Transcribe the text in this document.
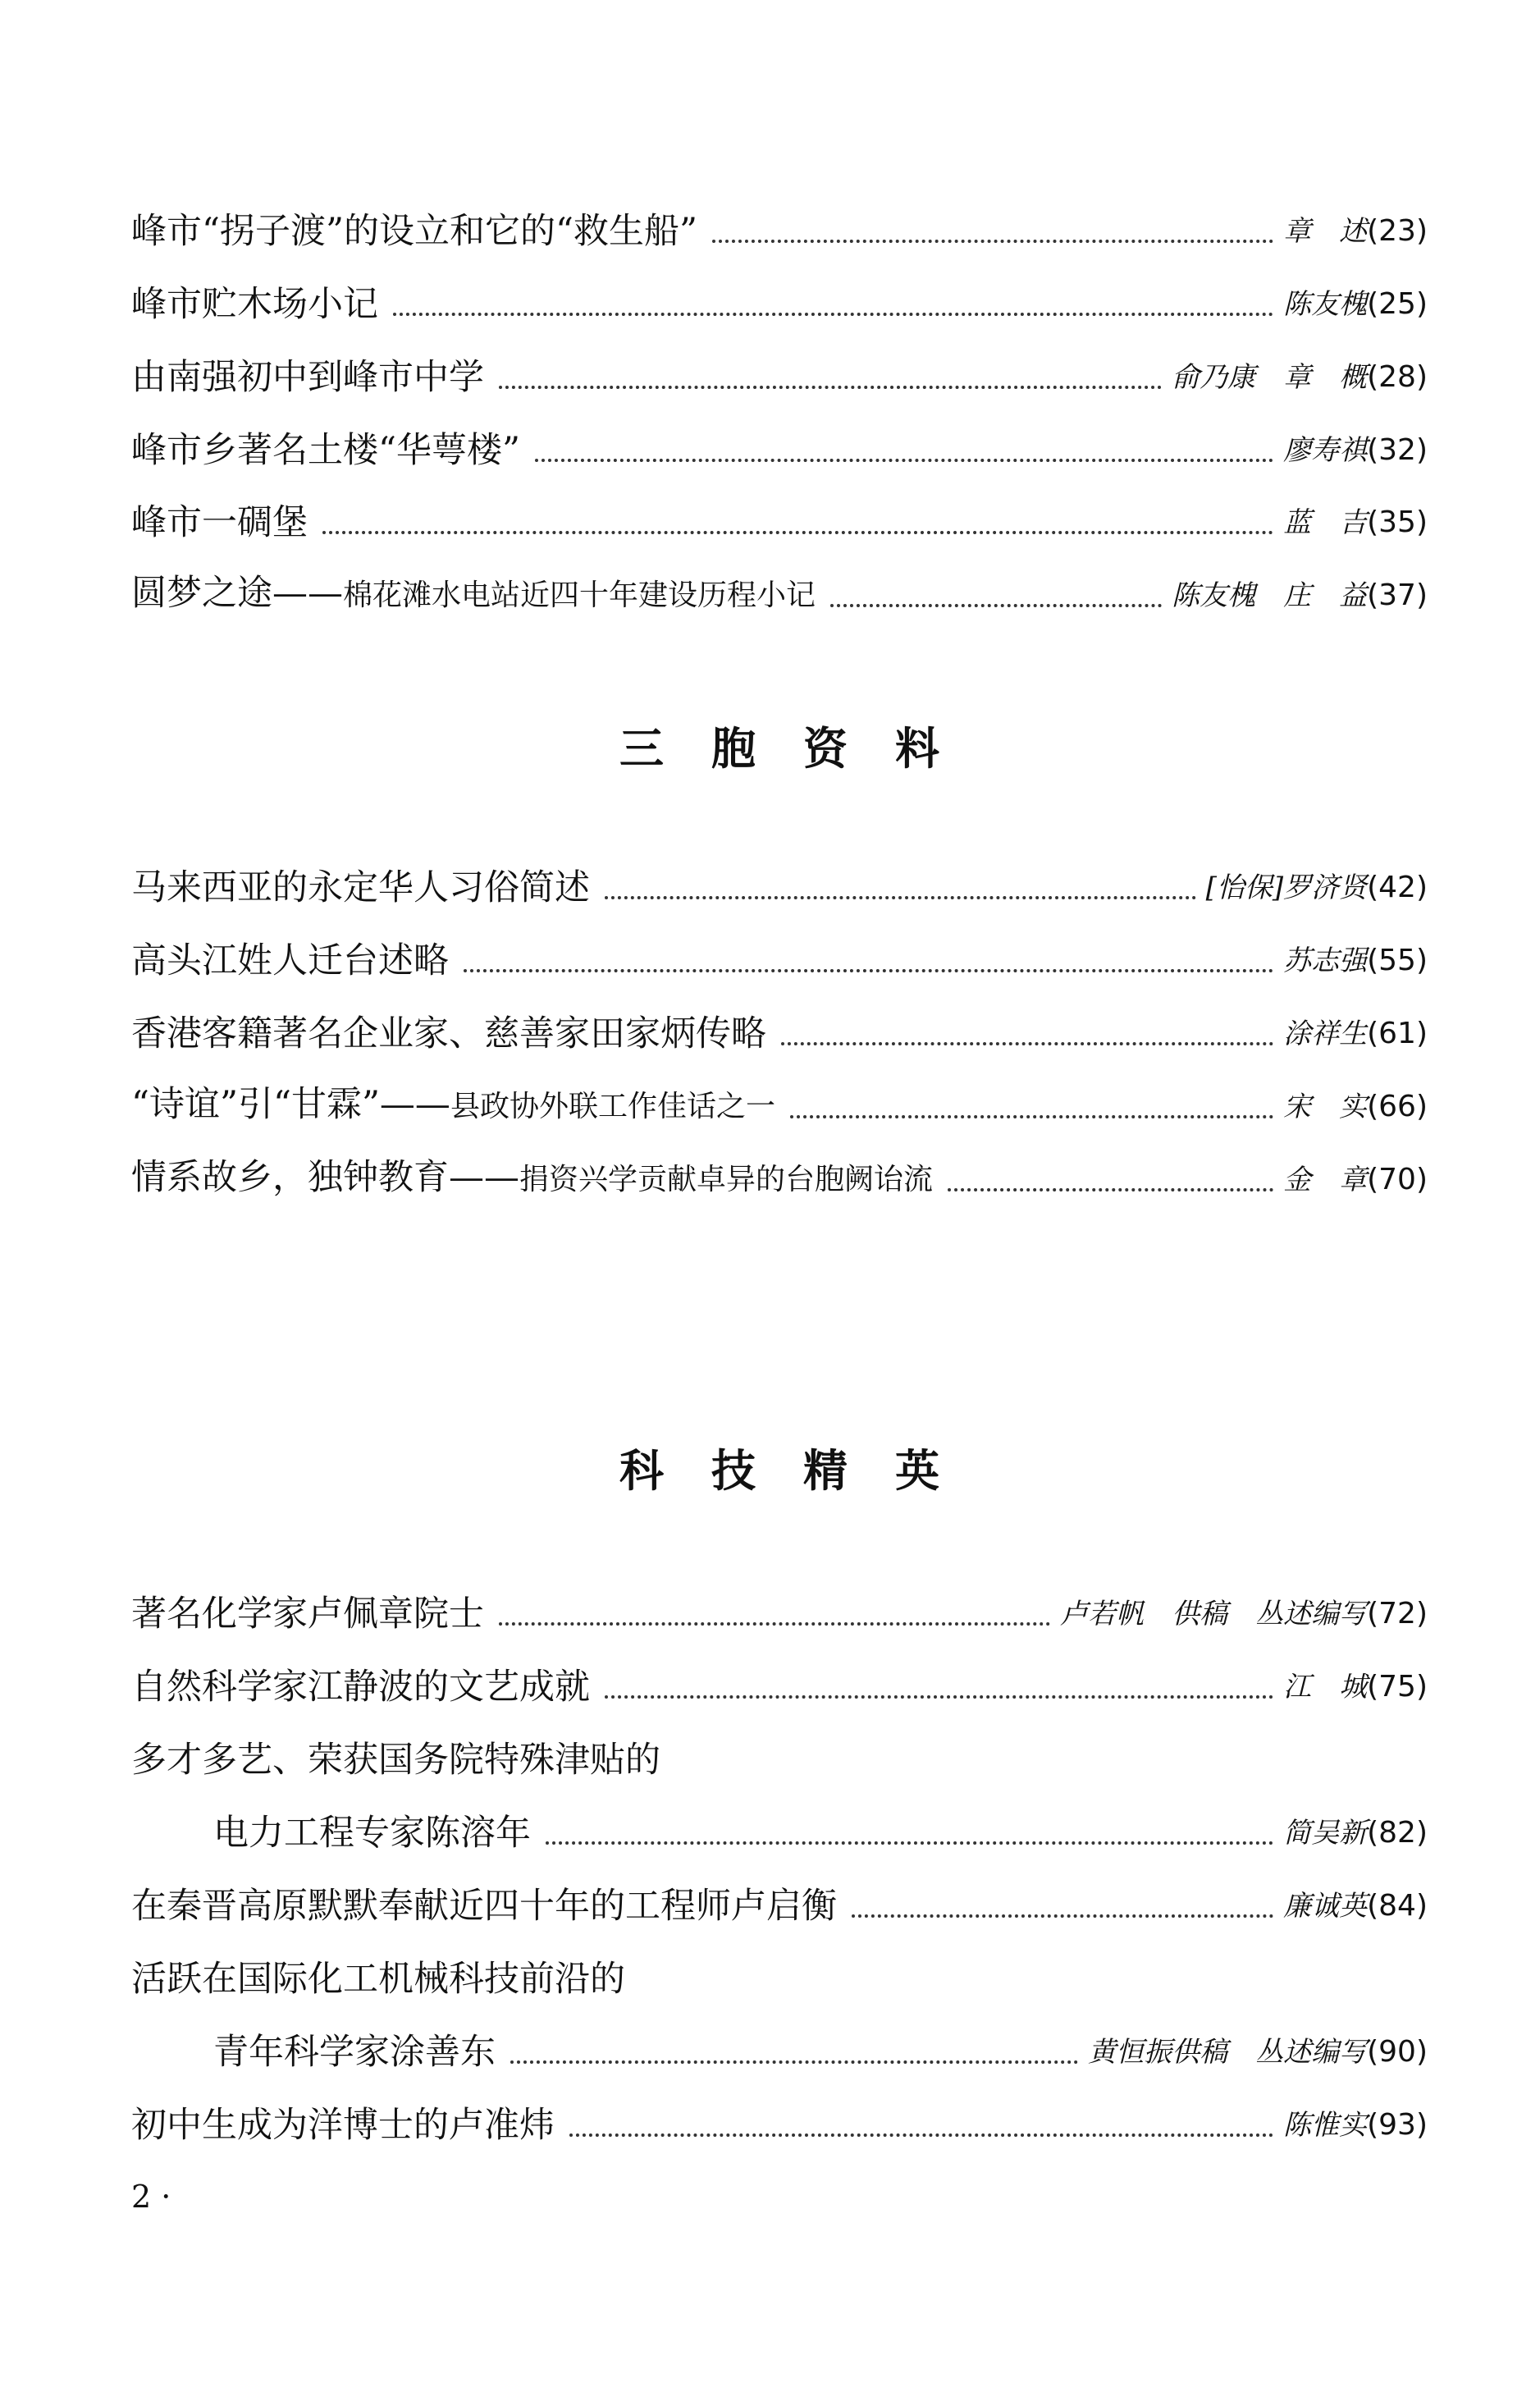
峰市“拐子渡”的设立和它的“救生船”	章　述 (23)
峰市贮木场小记	陈友槐 (25)
由南强初中到峰市中学	俞乃康　章　概 (28)
峰市乡著名土楼“华萼楼”	廖寿祺 (32)
峰市一碉堡	蓝　吉 (35)
圆梦之途——棉花滩水电站近四十年建设历程小记	陈友槐　庄　益 (37)
三胞资料
马来西亚的永定华人习俗简述	[怡保]罗济贤 (42)
高头江姓人迁台述略	苏志强 (55)
香港客籍著名企业家、慈善家田家炳传略	涂祥生 (61)
“诗谊”引“甘霖”——县政协外联工作佳话之一	宋　实 (66)
情系故乡，独钟教育——捐资兴学贡献卓异的台胞阙诒流	金　章 (70)
科技精英
著名化学家卢佩章院士	卢若帆　供稿　丛述编写 (72)
自然科学家江静波的文艺成就	江　城 (75)
多才多艺、荣获国务院特殊津贴的
电力工程专家陈溶年	简吴新 (82)
在秦晋高原默默奉献近四十年的工程师卢启衡	廉诚英 (84)
活跃在国际化工机械科技前沿的
青年科学家涂善东	黄恒振供稿　丛述编写 (90)
初中生成为洋博士的卢准炜	陈惟实 (93)
2 ·
